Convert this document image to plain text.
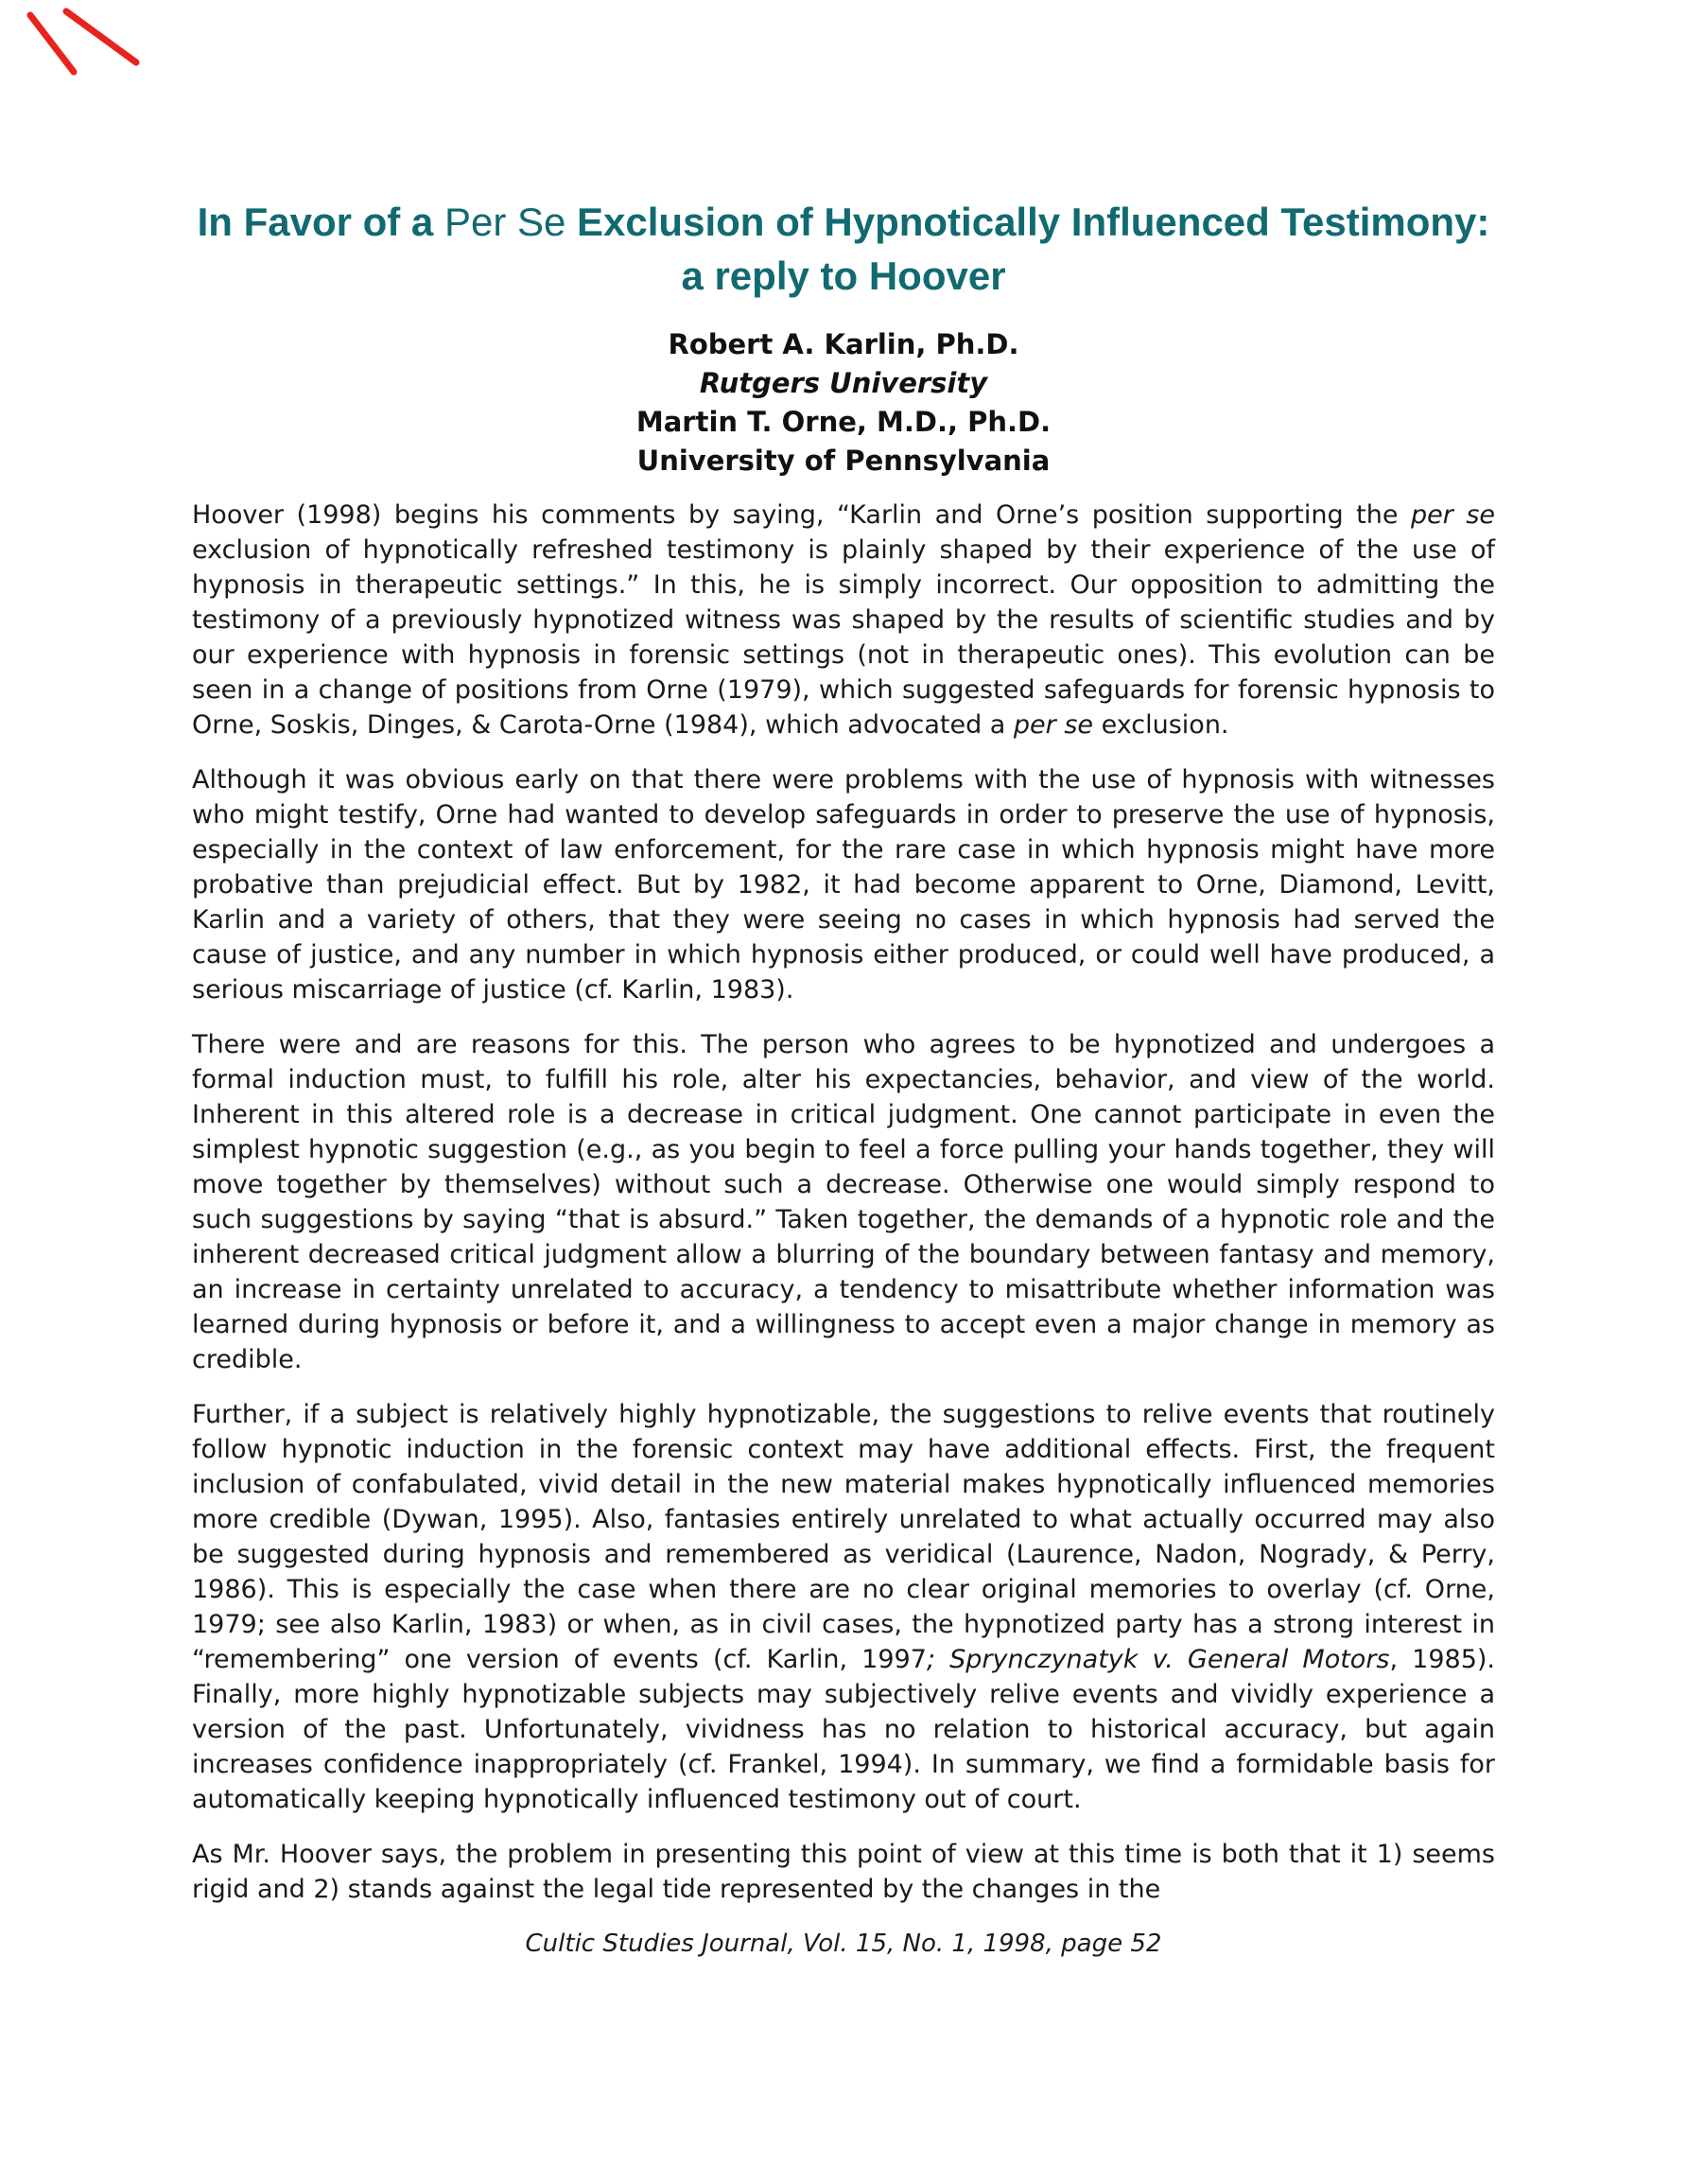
In Favor of a Per Se Exclusion of Hypnotically Influenced Testimony:
a reply to Hoover
Robert A. Karlin, Ph.D.
Rutgers University
Martin T. Orne, M.D., Ph.D.
University of Pennsylvania

Hoover (1998) begins his comments by saying, “Karlin and Orne’s position supporting the per se exclusion of hypnotically refreshed testimony is plainly shaped by their experience of the use of hypnosis in therapeutic settings.” In this, he is simply incorrect. Our opposition to admitting the testimony of a previously hypnotized witness was shaped by the results of scientific studies and by our experience with hypnosis in forensic settings (not in therapeutic ones). This evolution can be seen in a change of positions from Orne (1979), which suggested safeguards for forensic hypnosis to Orne, Soskis, Dinges, & Carota-Orne (1984), which advocated a per se exclusion.

Although it was obvious early on that there were problems with the use of hypnosis with witnesses who might testify, Orne had wanted to develop safeguards in order to preserve the use of hypnosis, especially in the context of law enforcement, for the rare case in which hypnosis might have more probative than prejudicial effect. But by 1982, it had become apparent to Orne, Diamond, Levitt, Karlin and a variety of others, that they were seeing no cases in which hypnosis had served the cause of justice, and any number in which hypnosis either produced, or could well have produced, a serious miscarriage of justice (cf. Karlin, 1983).

There were and are reasons for this. The person who agrees to be hypnotized and undergoes a formal induction must, to fulfill his role, alter his expectancies, behavior, and view of the world. Inherent in this altered role is a decrease in critical judgment. One cannot participate in even the simplest hypnotic suggestion (e.g., as you begin to feel a force pulling your hands together, they will move together by themselves) without such a decrease. Otherwise one would simply respond to such suggestions by saying “that is absurd.” Taken together, the demands of a hypnotic role and the inherent decreased critical judgment allow a blurring of the boundary between fantasy and memory, an increase in certainty unrelated to accuracy, a tendency to misattribute whether information was learned during hypnosis or before it, and a willingness to accept even a major change in memory as credible.

Further, if a subject is relatively highly hypnotizable, the suggestions to relive events that routinely follow hypnotic induction in the forensic context may have additional effects. First, the frequent inclusion of confabulated, vivid detail in the new material makes hypnotically influenced memories more credible (Dywan, 1995). Also, fantasies entirely unrelated to what actually occurred may also be suggested during hypnosis and remembered as veridical (Laurence, Nadon, Nogrady, & Perry, 1986). This is especially the case when there are no clear original memories to overlay (cf. Orne, 1979; see also Karlin, 1983) or when, as in civil cases, the hypnotized party has a strong interest in “remembering” one version of events (cf. Karlin, 1997; Sprynczynatyk v. General Motors, 1985). Finally, more highly hypnotizable subjects may subjectively relive events and vividly experience a version of the past. Unfortunately, vividness has no relation to historical accuracy, but again increases confidence inappropriately (cf. Frankel, 1994). In summary, we find a formidable basis for automatically keeping hypnotically influenced testimony out of court.

As Mr. Hoover says, the problem in presenting this point of view at this time is both that it 1) seems rigid and 2) stands against the legal tide represented by the changes in the

Cultic Studies Journal, Vol. 15, No. 1, 1998, page 52
